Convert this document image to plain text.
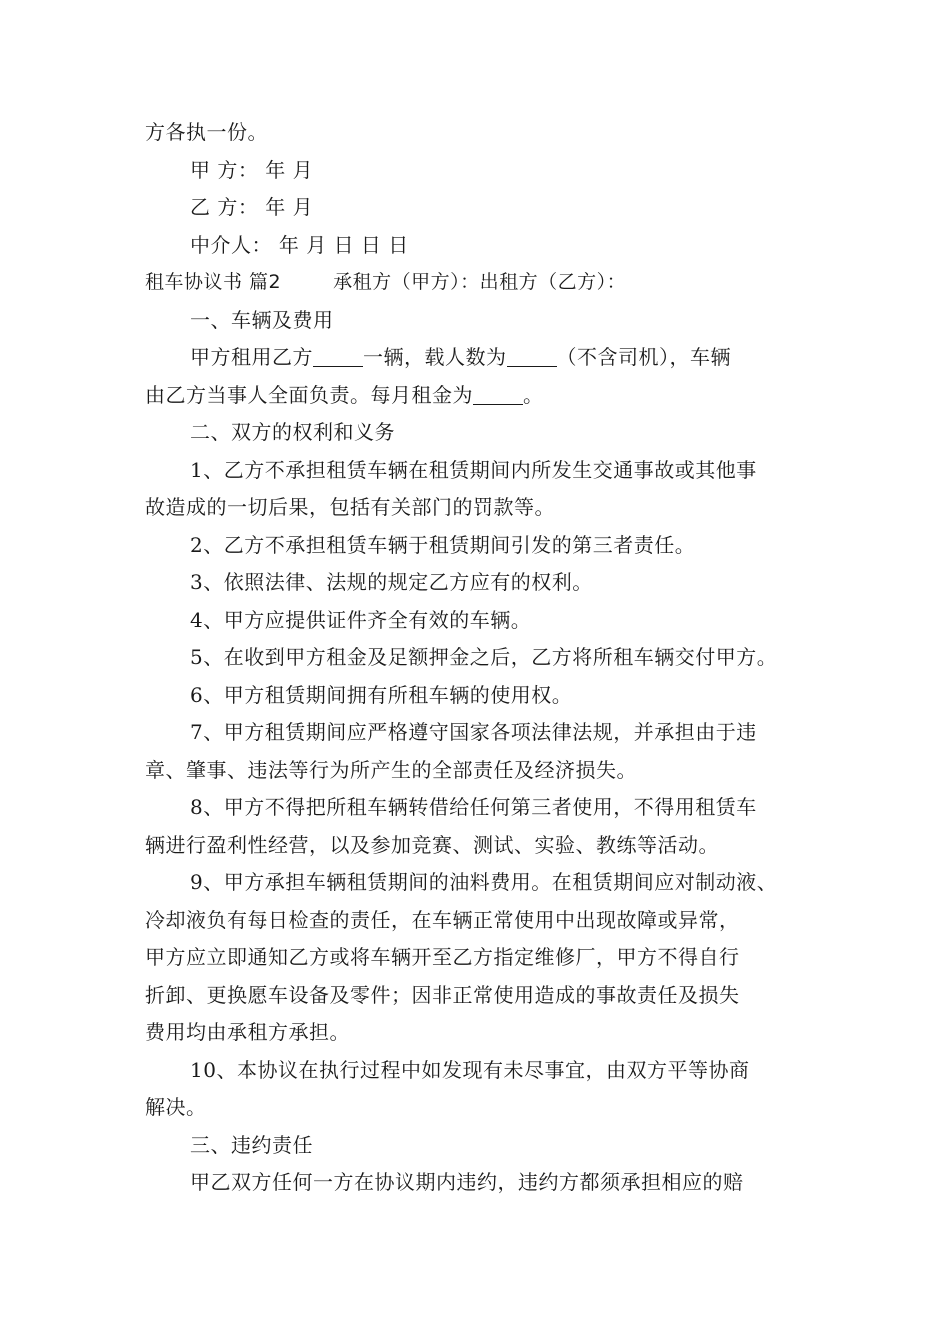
方各执一份。
甲 方： 年 月
乙 方： 年 月
中介人： 年 月 日 日 日
租车协议书 篇2	承租方（甲方）：出租方（乙方）：
一、车辆及费用
甲方租用乙方	一辆，载人数为	（不含司机），车辆
由乙方当事人全面负责。每月租金为	。
二、双方的权利和义务
1、乙方不承担租赁车辆在租赁期间内所发生交通事故或其他事
故造成的一切后果，包括有关部门的罚款等。
2、乙方不承担租赁车辆于租赁期间引发的第三者责任。
3、依照法律、法规的规定乙方应有的权利。
4、甲方应提供证件齐全有效的车辆。
5、在收到甲方租金及足额押金之后，乙方将所租车辆交付甲方。
6、甲方租赁期间拥有所租车辆的使用权。
7、甲方租赁期间应严格遵守国家各项法律法规，并承担由于违
章、肇事、违法等行为所产生的全部责任及经济损失。
8、甲方不得把所租车辆转借给任何第三者使用，不得用租赁车
辆进行盈利性经营，以及参加竞赛、测试、实验、教练等活动。
9、甲方承担车辆租赁期间的油料费用。在租赁期间应对制动液、
冷却液负有每日检查的责任，在车辆正常使用中出现故障或异常，
甲方应立即通知乙方或将车辆开至乙方指定维修厂，甲方不得自行
折卸、更换愿车设备及零件；因非正常使用造成的事故责任及损失
费用均由承租方承担。
10、本协议在执行过程中如发现有未尽事宜，由双方平等协商
解决。
三、违约责任
甲乙双方任何一方在协议期内违约，违约方都须承担相应的赔
